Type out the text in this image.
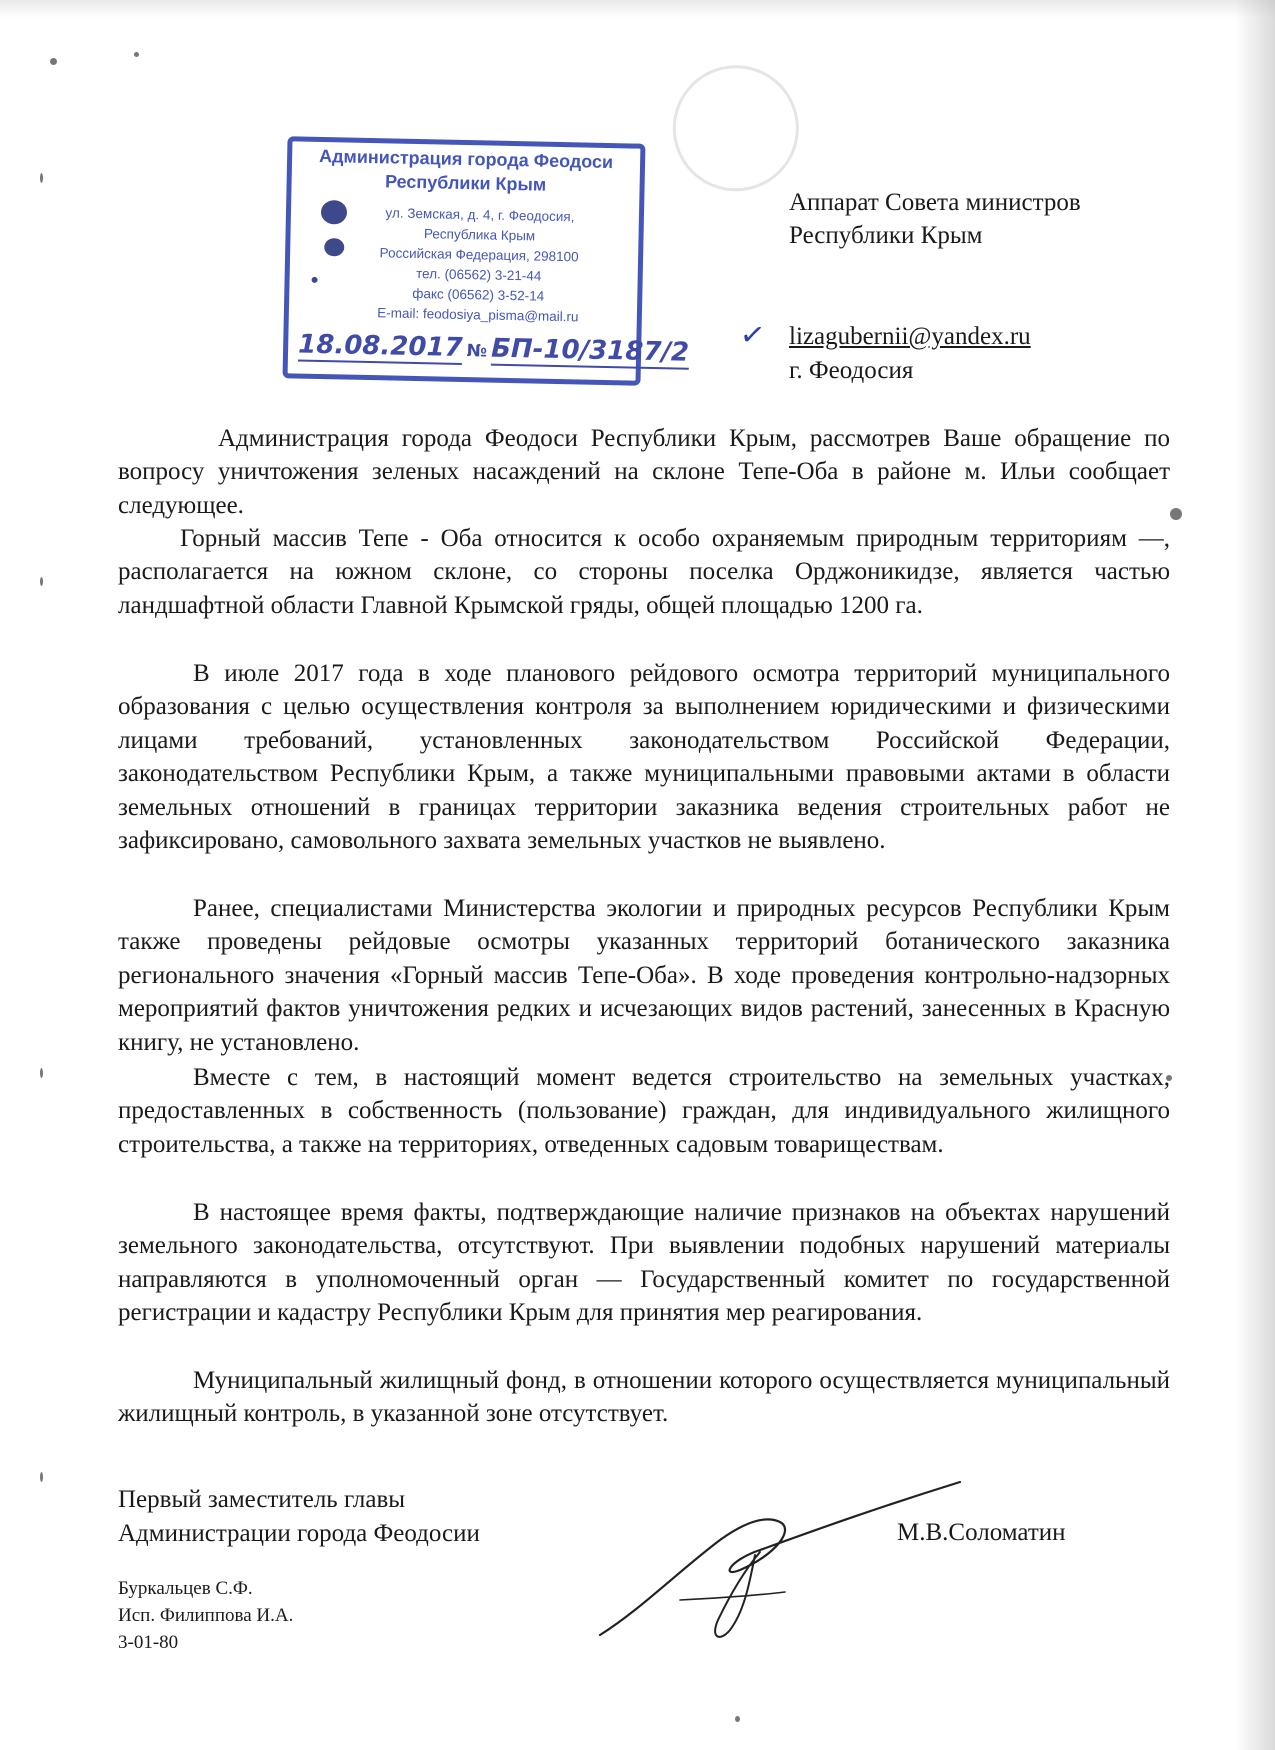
Администрация города Феодоси
Республики Крым
ул. Земская, д. 4, г. Феодосия,
Республика Крым
Российская Федерация, 298100
тел. (06562) 3-21-44
факс (06562) 3-52-14
E-mail: feodosiya_pisma@mail.ru
18.08.2017 № БП-10/3187/2
Аппарат Совета министров
Республики Крым
✓ lizagubernii@yandex.ru
г. Феодосия
Администрация города Феодоси Республики Крым, рассмотрев Ваше обращение по вопросу уничтожения зеленых насаждений на склоне Тепе-Оба в районе м. Ильи сообщает следующее.
Горный массив Тепе - Оба относится к особо охраняемым природным территориям —, располагается на южном склоне, со стороны поселка Орджоникидзе, является частью ландшафтной области Главной Крымской гряды, общей площадью 1200 га.
В июле 2017 года в ходе планового рейдового осмотра территорий муниципального образования с целью осуществления контроля за выполнением юридическими и физическими лицами требований, установленных законодательством Российской Федерации, законодательством Республики Крым, а также муниципальными правовыми актами в области земельных отношений в границах территории заказника ведения строительных работ не зафиксировано, самовольного захвата земельных участков не выявлено.
Ранее, специалистами Министерства экологии и природных ресурсов Республики Крым также проведены рейдовые осмотры указанных территорий ботанического заказника регионального значения «Горный массив Тепе-Оба». В ходе проведения контрольно-надзорных мероприятий фактов уничтожения редких и исчезающих видов растений, занесенных в Красную книгу, не установлено.
Вместе с тем, в настоящий момент ведется строительство на земельных участках, предоставленных в собственность (пользование) граждан, для индивидуального жилищного строительства, а также на территориях, отведенных садовым товариществам.
В настоящее время факты, подтверждающие наличие признаков на объектах нарушений земельного законодательства, отсутствуют. При выявлении подобных нарушений материалы направляются в уполномоченный орган — Государственный комитет по государственной регистрации и кадастру Республики Крым для принятия мер реагирования.
Муниципальный жилищный фонд, в отношении которого осуществляется муниципальный жилищный контроль, в указанной зоне отсутствует.
Первый заместитель главы
Администрации города Феодосии	М.В.Соломатин
Буркальцев С.Ф.
Исп. Филиппова И.А.
3-01-80
